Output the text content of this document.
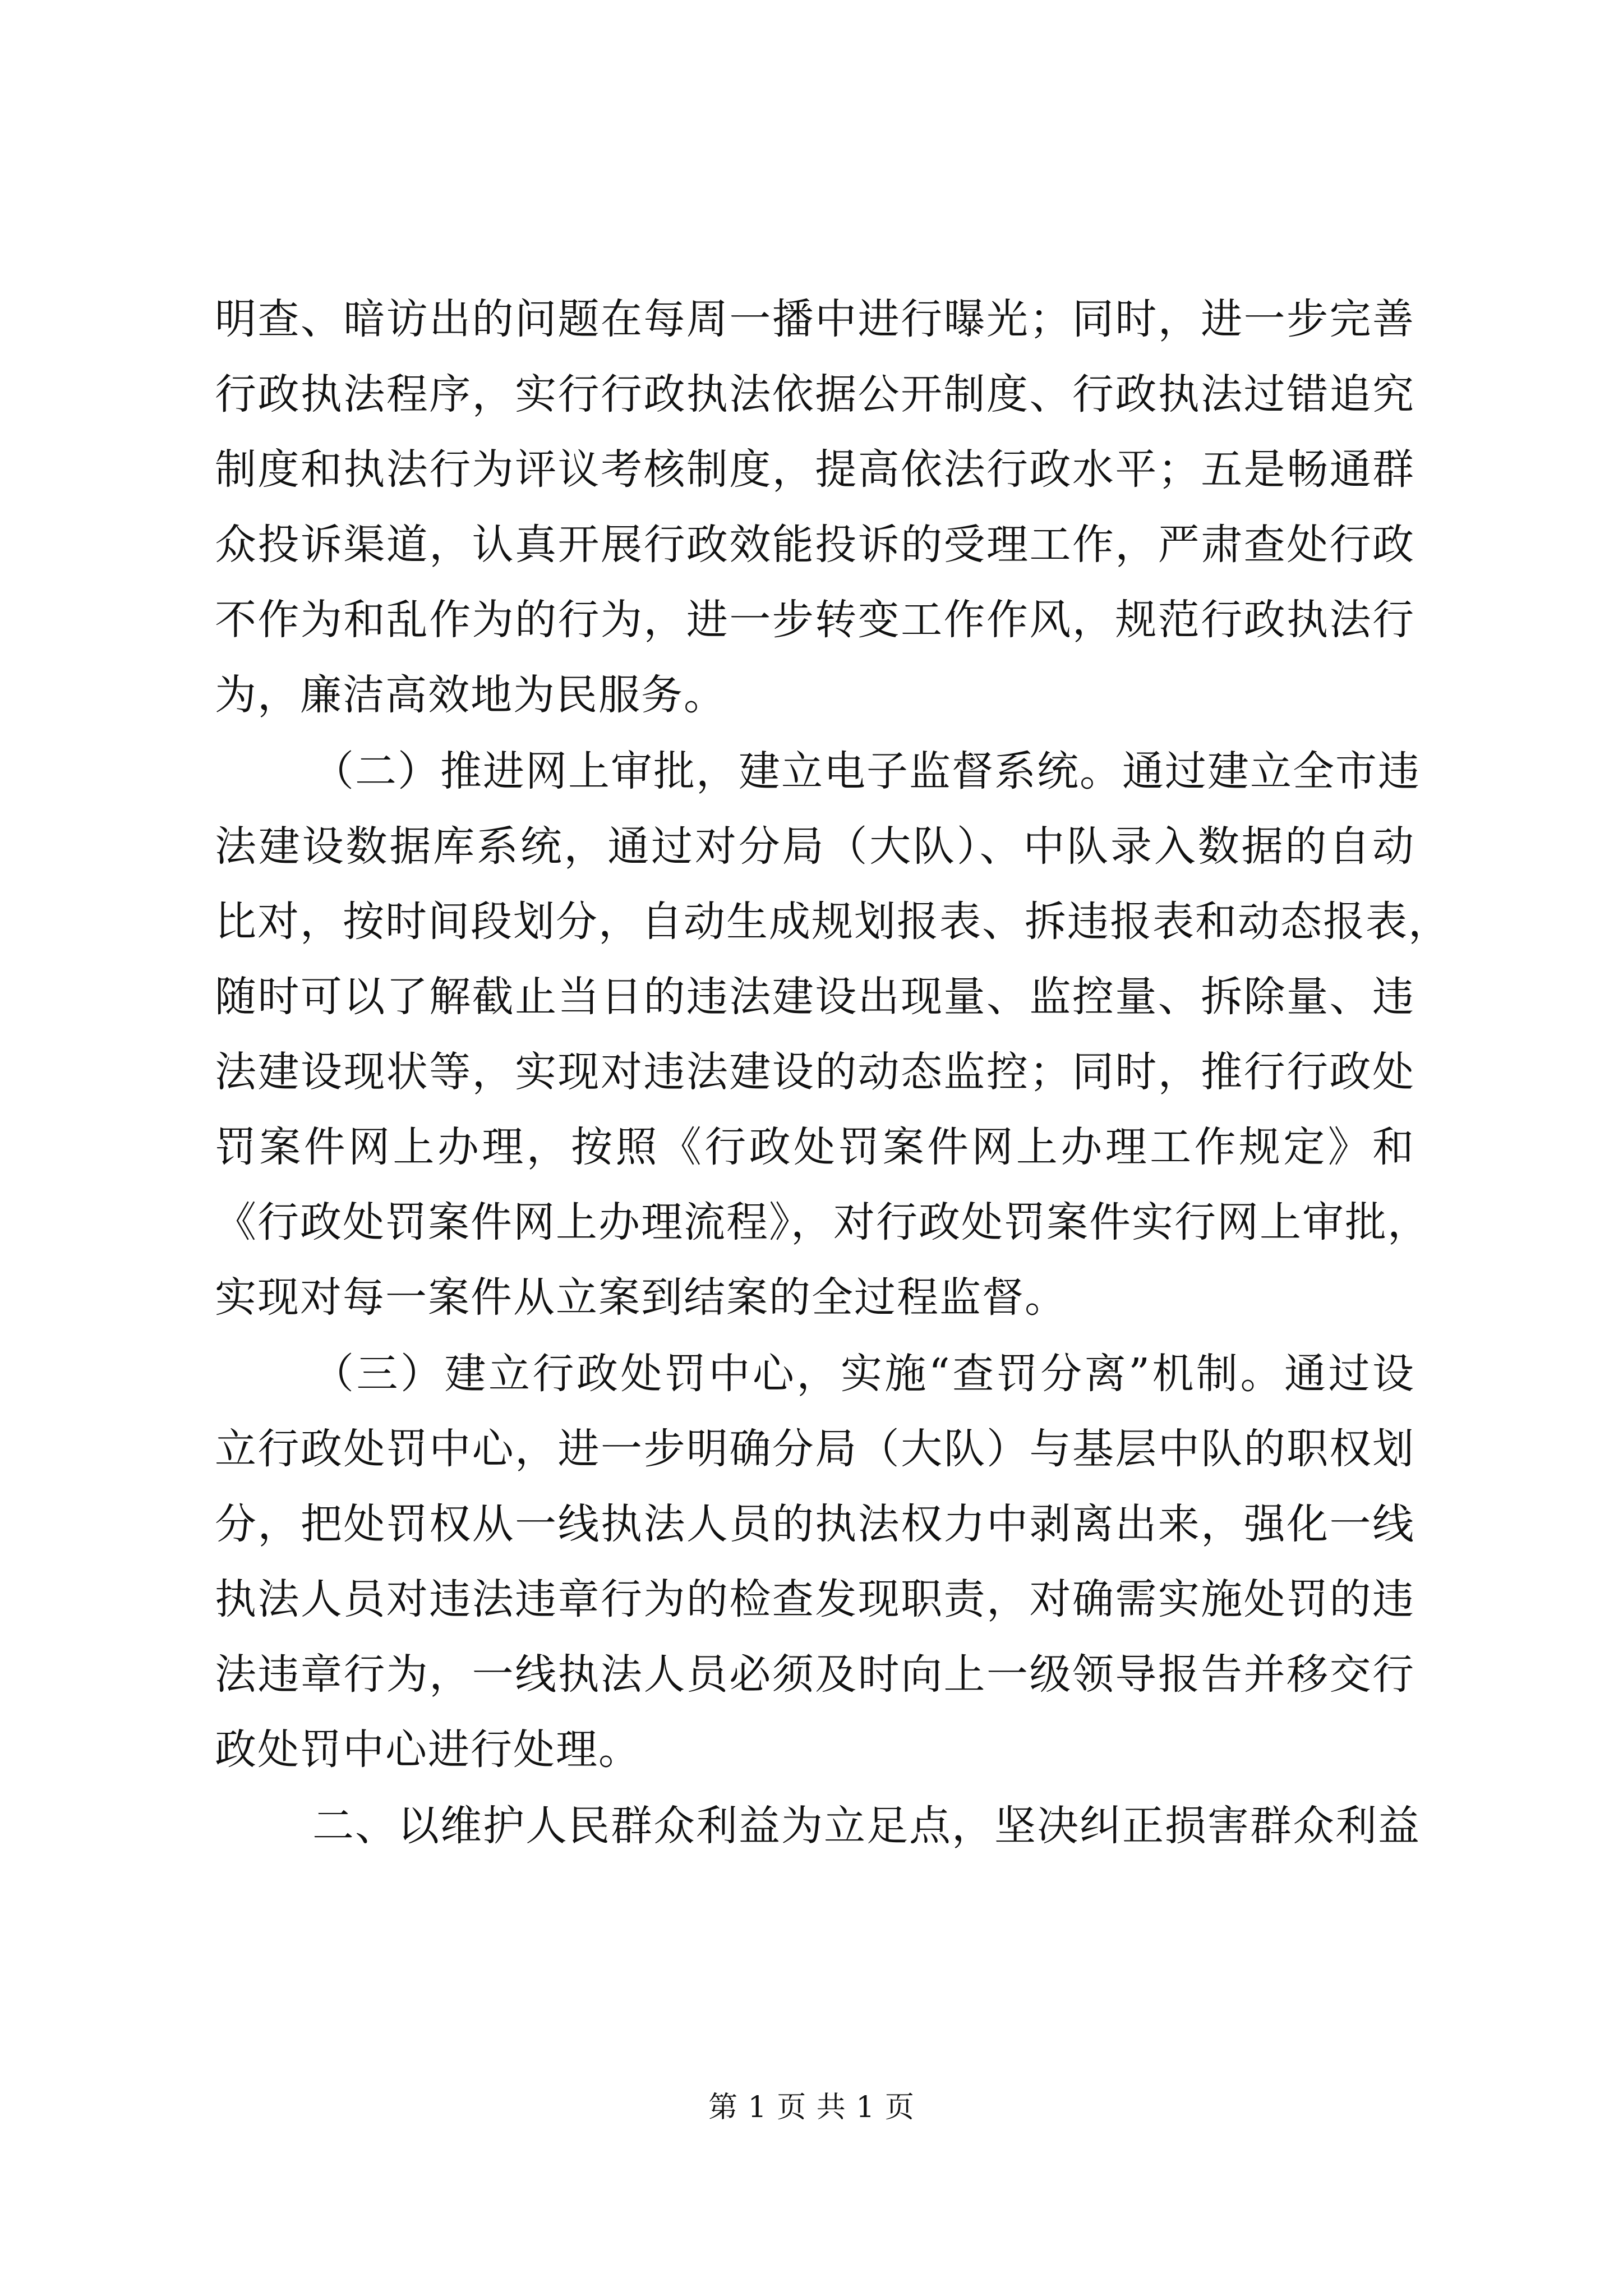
明查、暗访出的问题在每周一播中进行曝光；同时，进一步完善
行政执法程序，实行行政执法依据公开制度、行政执法过错追究
制度和执法行为评议考核制度，提高依法行政水平；五是畅通群
众投诉渠道，认真开展行政效能投诉的受理工作，严肃查处行政
不作为和乱作为的行为，进一步转变工作作风，规范行政执法行
为，廉洁高效地为民服务。
（二）推进网上审批，建立电子监督系统。通过建立全市违
法建设数据库系统，通过对分局（大队）、中队录入数据的自动
比对，按时间段划分，自动生成规划报表、拆违报表和动态报表，
随时可以了解截止当日的违法建设出现量、监控量、拆除量、违
法建设现状等，实现对违法建设的动态监控；同时，推行行政处
罚案件网上办理，按照《行政处罚案件网上办理工作规定》和
《行政处罚案件网上办理流程》，对行政处罚案件实行网上审批，
实现对每一案件从立案到结案的全过程监督。
（三）建立行政处罚中心，实施“查罚分离”机制。通过设
立行政处罚中心，进一步明确分局（大队）与基层中队的职权划
分，把处罚权从一线执法人员的执法权力中剥离出来，强化一线
执法人员对违法违章行为的检查发现职责，对确需实施处罚的违
法违章行为，一线执法人员必须及时向上一级领导报告并移交行
政处罚中心进行处理。
二、以维护人民群众利益为立足点，坚决纠正损害群众利益
第 1 页 共 1 页
